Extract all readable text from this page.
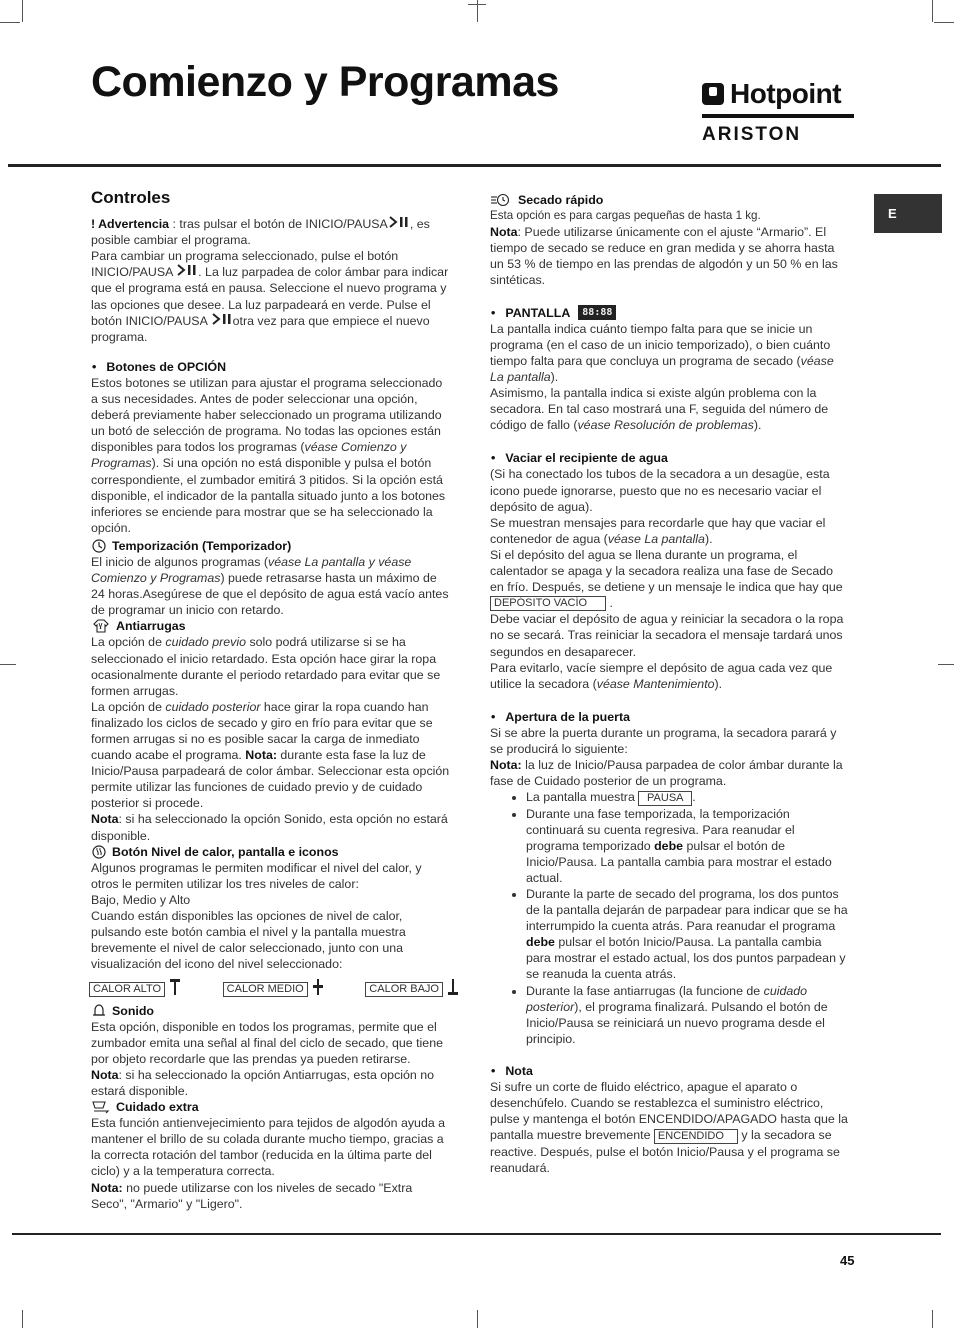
Comienzo y Programas	Hotpoint
ARISTON
E
Controles

! Advertencia : tras pulsar el botón de INICIO/PAUSA , es posible cambiar el programa.

Para cambiar un programa seleccionado, pulse el botón INICIO/PAUSA . La luz parpadea de color ámbar para indicar que el programa está en pausa. Seleccione el nuevo programa y las opciones que desee. La luz parpadeará en verde. Pulse el botón INICIO/PAUSA otra vez para que empiece el nuevo programa.

• Botones de OPCIÓN

Estos botones se utilizan para ajustar el programa seleccionado a sus necesidades. Antes de poder seleccionar una opción, deberá previamente haber seleccionado un programa utilizando un botó de selección de programa. No todas las opciones están disponibles para todos los programas (véase Comienzo y Programas). Si una opción no está disponible y pulsa el botón correspondiente, el zumbador emitirá 3 pitidos. Si la opción está disponible, el indicador de la pantalla situado junto a los botones inferiores se enciende para mostrar que se ha seleccionado la opción.

Temporización (Temporizador)

El inicio de algunos programas (véase La pantalla y véase Comienzo y Programas) puede retrasarse hasta un máximo de 24 horas.Asegúrese de que el depósito de agua está vacío antes de programar un inicio con retardo.

Antiarrugas

La opción de cuidado previo solo podrá utilizarse si se ha seleccionado el inicio retardado. Esta opción hace girar la ropa ocasionalmente durante el periodo retardado para evitar que se formen arrugas.

La opción de cuidado posterior hace girar la ropa cuando han finalizado los ciclos de secado y giro en frío para evitar que se formen arrugas si no es posible sacar la carga de inmediato cuando acabe el programa. Nota: durante esta fase la luz de Inicio/Pausa parpadeará de color ámbar. Seleccionar esta opción permite utilizar las funciones de cuidado previo y de cuidado posterior si procede.

Nota: si ha seleccionado la opción Sonido, esta opción no estará disponible.

Botón Nivel de calor, pantalla e iconos

Algunos programas le permiten modificar el nivel del calor, y otros le permiten utilizar los tres niveles de calor:

Bajo, Medio y Alto

Cuando están disponibles las opciones de nivel de calor, pulsando este botón cambia el nivel y la pantalla muestra brevemente el nivel de calor seleccionado, junto con una visualización del icono del nivel seleccionado:

CALOR ALTO	CALOR MEDIO	CALOR BAJO
Sonido

Esta opción, disponible en todos los programas, permite que el zumbador emita una señal al final del ciclo de secado, que tiene por objeto recordarle que las prendas ya pueden retirarse.

Nota: si ha seleccionado la opción Antiarrugas, esta opción no estará disponible.

Cuidado extra

Esta función antienvejecimiento para tejidos de algodón ayuda a mantener el brillo de su colada durante mucho tiempo, gracias a la correcta rotación del tambor (reducida en la última parte del ciclo) y a la temperatura correcta.

Nota: no puede utilizarse con los niveles de secado "Extra Seco", "Armario" y "Ligero".

Secado rápido

Esta opción es para cargas pequeñas de hasta 1 kg.

Nota: Puede utilizarse únicamente con el ajuste “Armario”. El tiempo de secado se reduce en gran medida y se ahorra hasta un 53 % de tiempo en las prendas de algodón y un 50 % en las sintéticas.

• PANTALLA	88:88

La pantalla indica cuánto tiempo falta para que se inicie un programa (en el caso de un inicio temporizado), o bien cuánto tiempo falta para que concluya un programa de secado (véase La pantalla).

Asimismo, la pantalla indica si existe algún problema con la secadora. En tal caso mostrará una F, seguida del número de código de fallo (véase Resolución de problemas).

• Vaciar el recipiente de agua

(Si ha conectado los tubos de la secadora a un desagüe, esta icono puede ignorarse, puesto que no es necesario vaciar el depósito de agua).

Se muestran mensajes para recordarle que hay que vaciar el contenedor de agua (véase La pantalla).

Si el depósito del agua se llena durante un programa, el calentador se apaga y la secadora realiza una fase de Secado en frío. Después, se detiene y un mensaje le indica que hay que DEPÓSITO VACÍO .

Debe vaciar el depósito de agua y reiniciar la secadora o la ropa no se secará. Tras reiniciar la secadora el mensaje tardará unos segundos en desaparecer.

Para evitarlo, vacíe siempre el depósito de agua cada vez que utilice la secadora (véase Mantenimiento).

• Apertura de la puerta

Si se abre la puerta durante un programa, la secadora parará y se producirá lo siguiente:

Nota: la luz de Inicio/Pausa parpadea de color ámbar durante la fase de Cuidado posterior de un programa.

• La pantalla muestra PAUSA .
• Durante una fase temporizada, la temporización continuará su cuenta regresiva. Para reanudar el programa temporizado debe pulsar el botón de Inicio/Pausa. La pantalla cambia para mostrar el estado actual.
• Durante la parte de secado del programa, los dos puntos de la pantalla dejarán de parpadear para indicar que se ha interrumpido la cuenta atrás. Para reanudar el programa debe pulsar el botón Inicio/Pausa. La pantalla cambia para mostrar el estado actual, los dos puntos parpadean y se reanuda la cuenta atrás.
• Durante la fase antiarrugas (la funcione de cuidado posterior), el programa finalizará. Pulsando el botón de Inicio/Pausa se reiniciará un nuevo programa desde el principio.
• Nota

Si sufre un corte de fluido eléctrico, apague el aparato o desenchúfelo. Cuando se restablezca el suministro eléctrico, pulse y mantenga el botón ENCENDIDO/APAGADO hasta que la pantalla muestre brevemente ENCENDIDO y la secadora se reactive. Después, pulse el botón Inicio/Pausa y el programa se reanudará.

45
